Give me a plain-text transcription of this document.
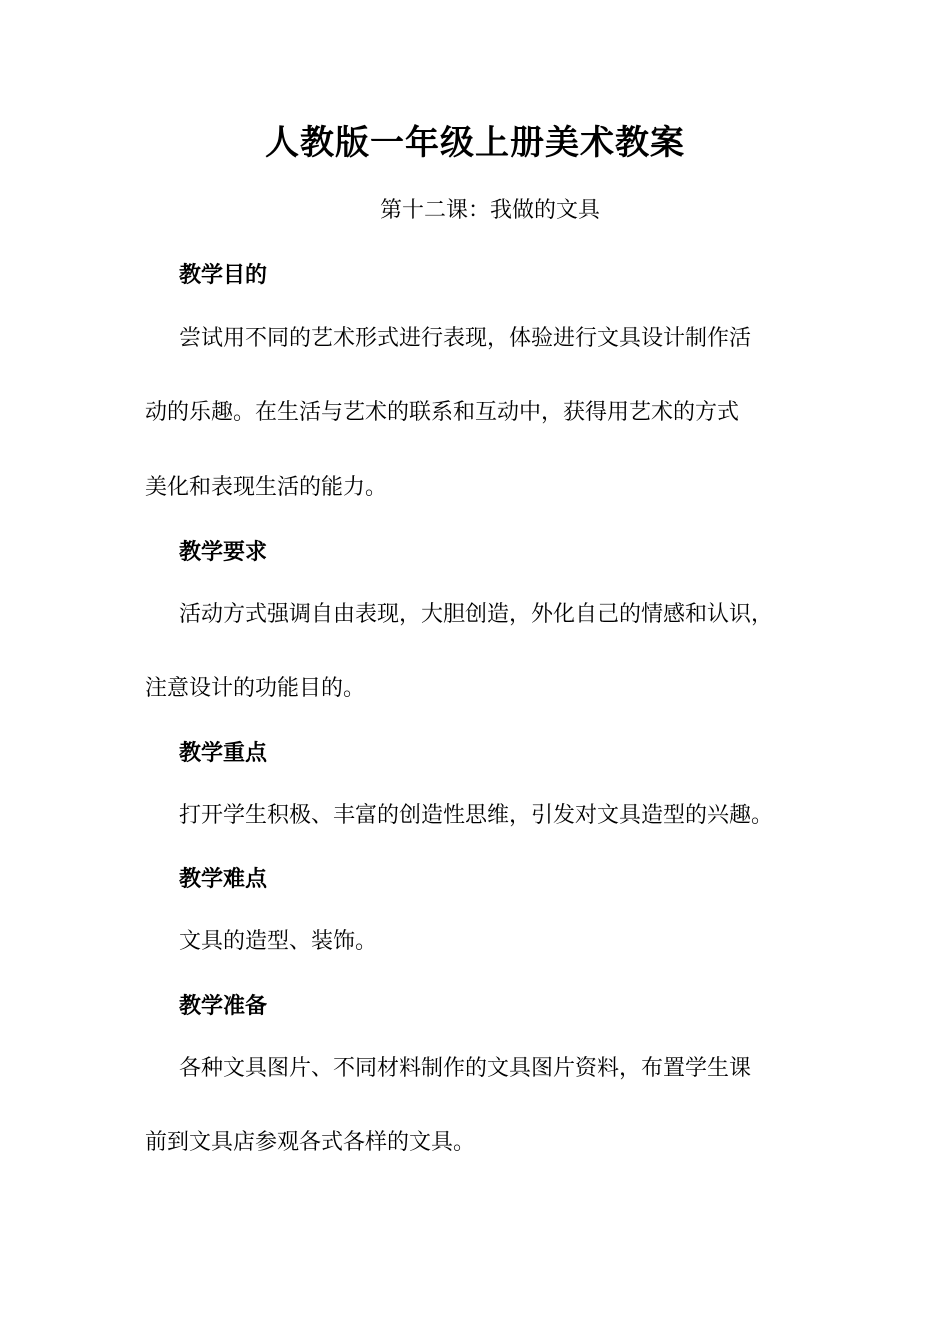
人教版一年级上册美术教案
第十二课：我做的文具
教学目的
尝试用不同的艺术形式进行表现，体验进行文具设计制作活
动的乐趣。在生活与艺术的联系和互动中，获得用艺术的方式
美化和表现生活的能力。
教学要求
活动方式强调自由表现，大胆创造，外化自己的情感和认识，
注意设计的功能目的。
教学重点
打开学生积极、丰富的创造性思维，引发对文具造型的兴趣。
教学难点
文具的造型、装饰。
教学准备
各种文具图片、不同材料制作的文具图片资料，布置学生课
前到文具店参观各式各样的文具。
